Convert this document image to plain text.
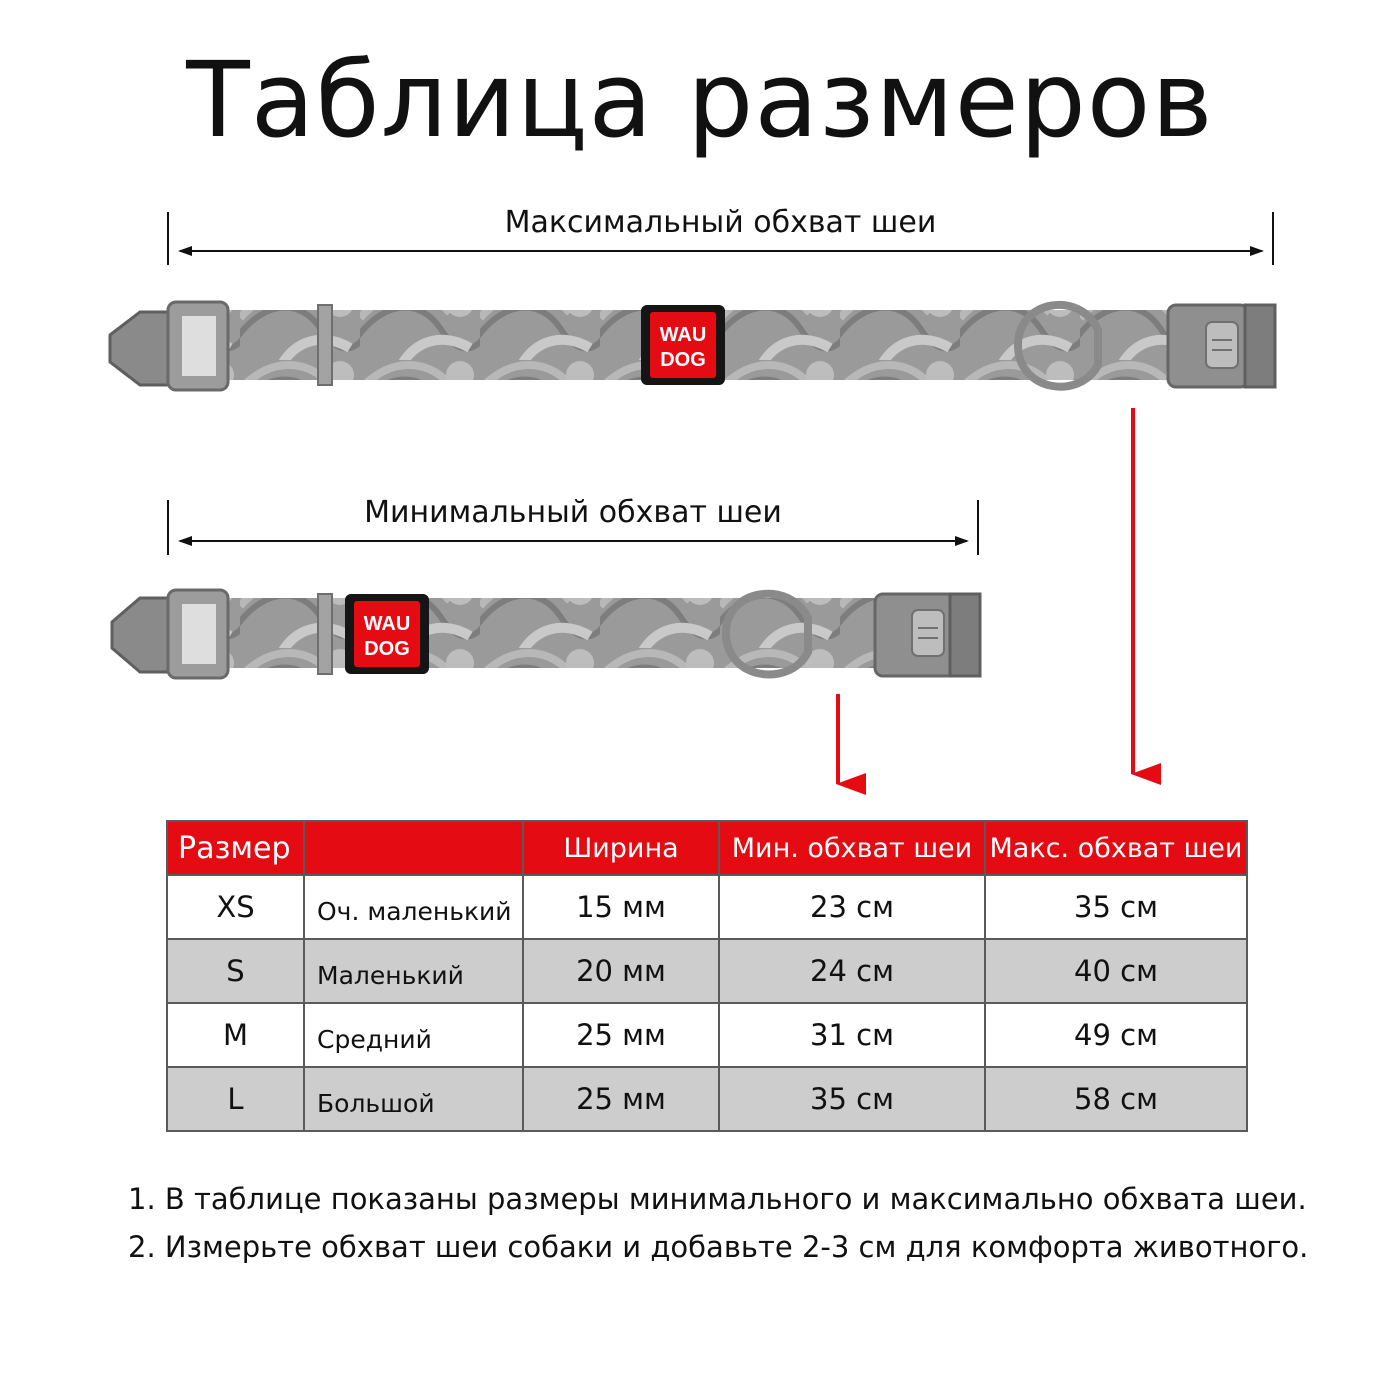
Таблица размеров
WAU
DOG
WAU
DOG
Максимальный обхват шеи
Минимальный обхват шеи
Размер		Ширина	Мин. обхват шеи	Макс. обхват шеи
XS	Оч. маленький	15 мм	23 см	35 см
S	Маленький	20 мм	24 см	40 см
M	Средний	25 мм	31 см	49 см
L	Большой	25 мм	35 см	58 см
1. В таблице показаны размеры минимального и максимально обхвата шеи.
2. Измерьте обхват шеи собаки и добавьте 2-3 см для комфорта животного.
